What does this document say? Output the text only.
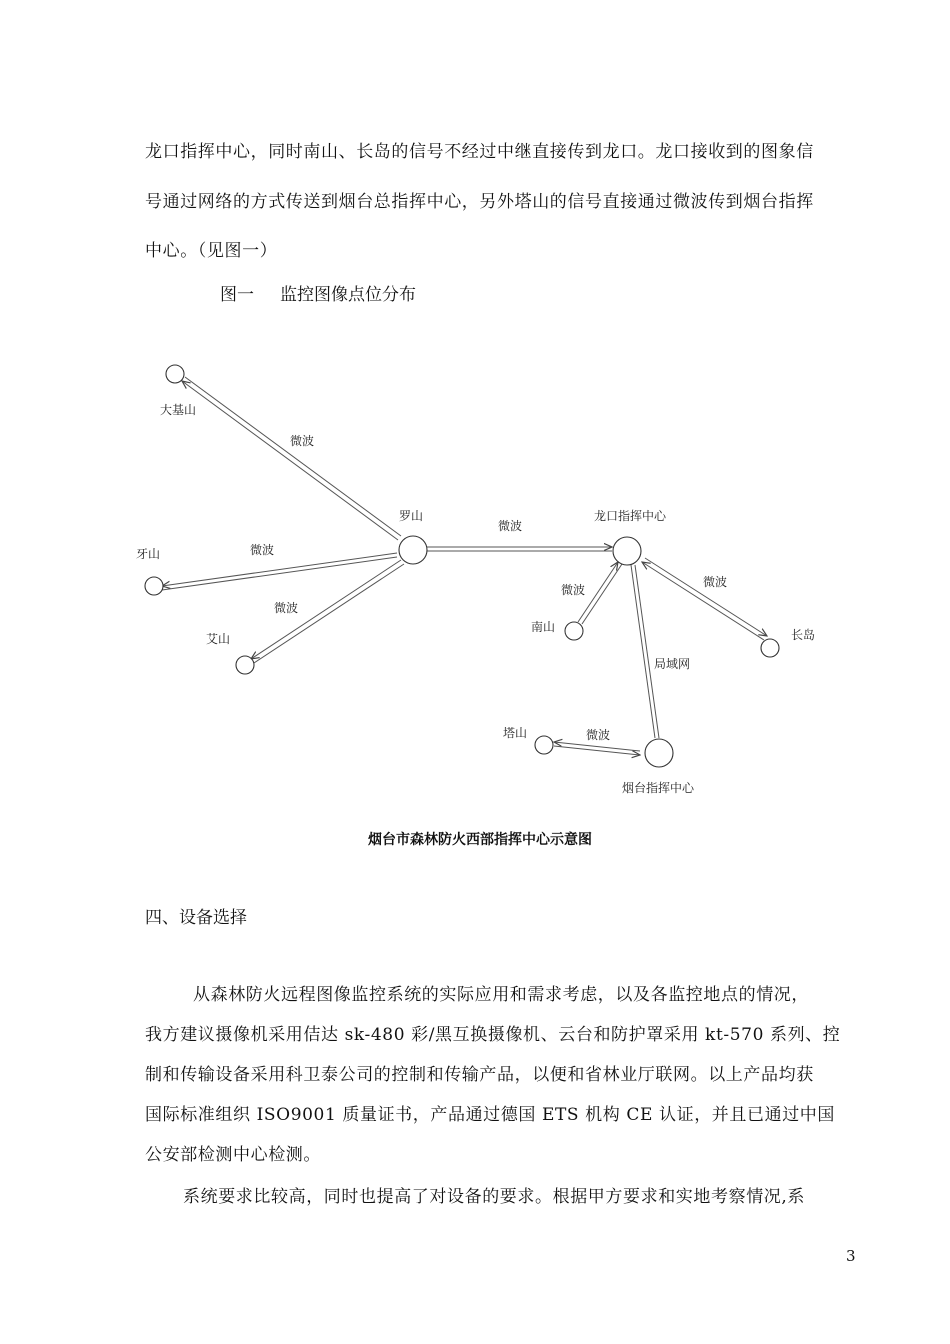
龙口指挥中心，同时南山、长岛的信号不经过中继直接传到龙口。龙口接收到的图象信
号通过网络的方式传送到烟台总指挥中心，另外塔山的信号直接通过微波传到烟台指挥
中心。（见图一）
图一 监控图像点位分布
大基山
罗山
牙山
艾山
龙口指挥中心
南山
长岛
塔山
烟台指挥中心
微波
微波
微波
微波
微波
微波
局域网
微波
烟台市森林防火西部指挥中心示意图
四、设备选择
从森林防火远程图像监控系统的实际应用和需求考虑，以及各监控地点的情况，
我方建议摄像机采用佶达 sk-480 彩/黑互换摄像机、云台和防护罩采用 kt-570 系列、控
制和传输设备采用科卫泰公司的控制和传输产品，以便和省林业厅联网。以上产品均获
国际标准组织 ISO9001 质量证书，产品通过德国 ETS 机构 CE 认证，并且已通过中国
公安部检测中心检测。
系统要求比较高，同时也提高了对设备的要求。根据甲方要求和实地考察情况,系
3
